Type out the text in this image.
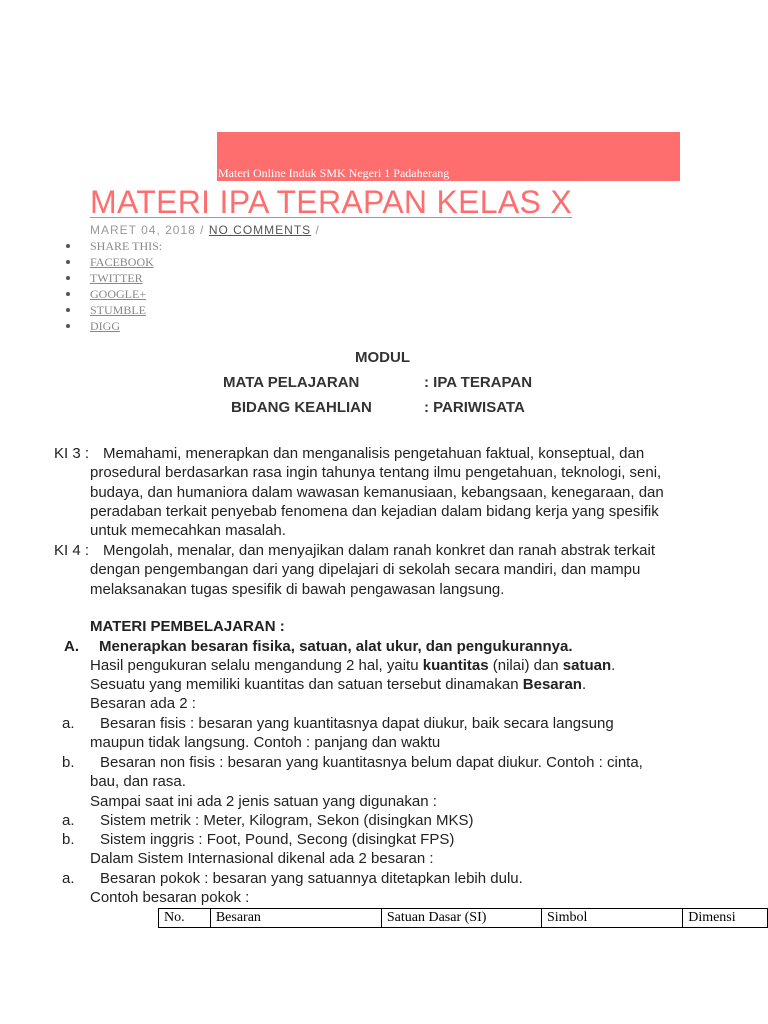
Materi Online Induk SMK Negeri 1 Padaherang
MATERI IPA TERAPAN KELAS X
MARET 04, 2018 / NO COMMENTS /
SHARE THIS:
FACEBOOK
TWITTER
GOOGLE+
STUMBLE
DIGG
MODUL
MATA PELAJARAN	: IPA TERAPAN
BIDANG KEAHLIAN	: PARIWISATA
KI 3 : Memahami, menerapkan dan menganalisis pengetahuan faktual, konseptual, dan prosedural berdasarkan rasa ingin tahunya tentang ilmu pengetahuan, teknologi, seni, budaya, dan humaniora dalam wawasan kemanusiaan, kebangsaan, kenegaraan, dan peradaban terkait penyebab fenomena dan kejadian dalam bidang kerja yang spesifik untuk memecahkan masalah.
KI 4 : Mengolah, menalar, dan menyajikan dalam ranah konkret dan ranah abstrak terkait dengan pengembangan dari yang dipelajari di sekolah secara mandiri, dan mampu melaksanakan tugas spesifik di bawah pengawasan langsung.
MATERI PEMBELAJARAN :
A. Menerapkan besaran fisika, satuan, alat ukur, dan pengukurannya.
Hasil pengukuran selalu mengandung 2 hal, yaitu kuantitas (nilai) dan satuan.
Sesuatu yang memiliki kuantitas dan satuan tersebut dinamakan Besaran.
Besaran ada 2 :
a.	Besaran fisis : besaran yang kuantitasnya dapat diukur, baik secara langsung maupun tidak langsung. Contoh : panjang dan waktu
b.	Besaran non fisis : besaran yang kuantitasnya belum dapat diukur. Contoh : cinta, bau, dan rasa.
Sampai saat ini ada 2 jenis satuan yang digunakan :
a. Sistem metrik : Meter, Kilogram, Sekon (disingkan MKS)
b. Sistem inggris : Foot, Pound, Secong (disingkat FPS)
Dalam Sistem Internasional dikenal ada 2 besaran :
a. Besaran pokok : besaran yang satuannya ditetapkan lebih dulu.
Contoh besaran pokok :
No.	Besaran	Satuan Dasar (SI)	Simbol	Dimensi
